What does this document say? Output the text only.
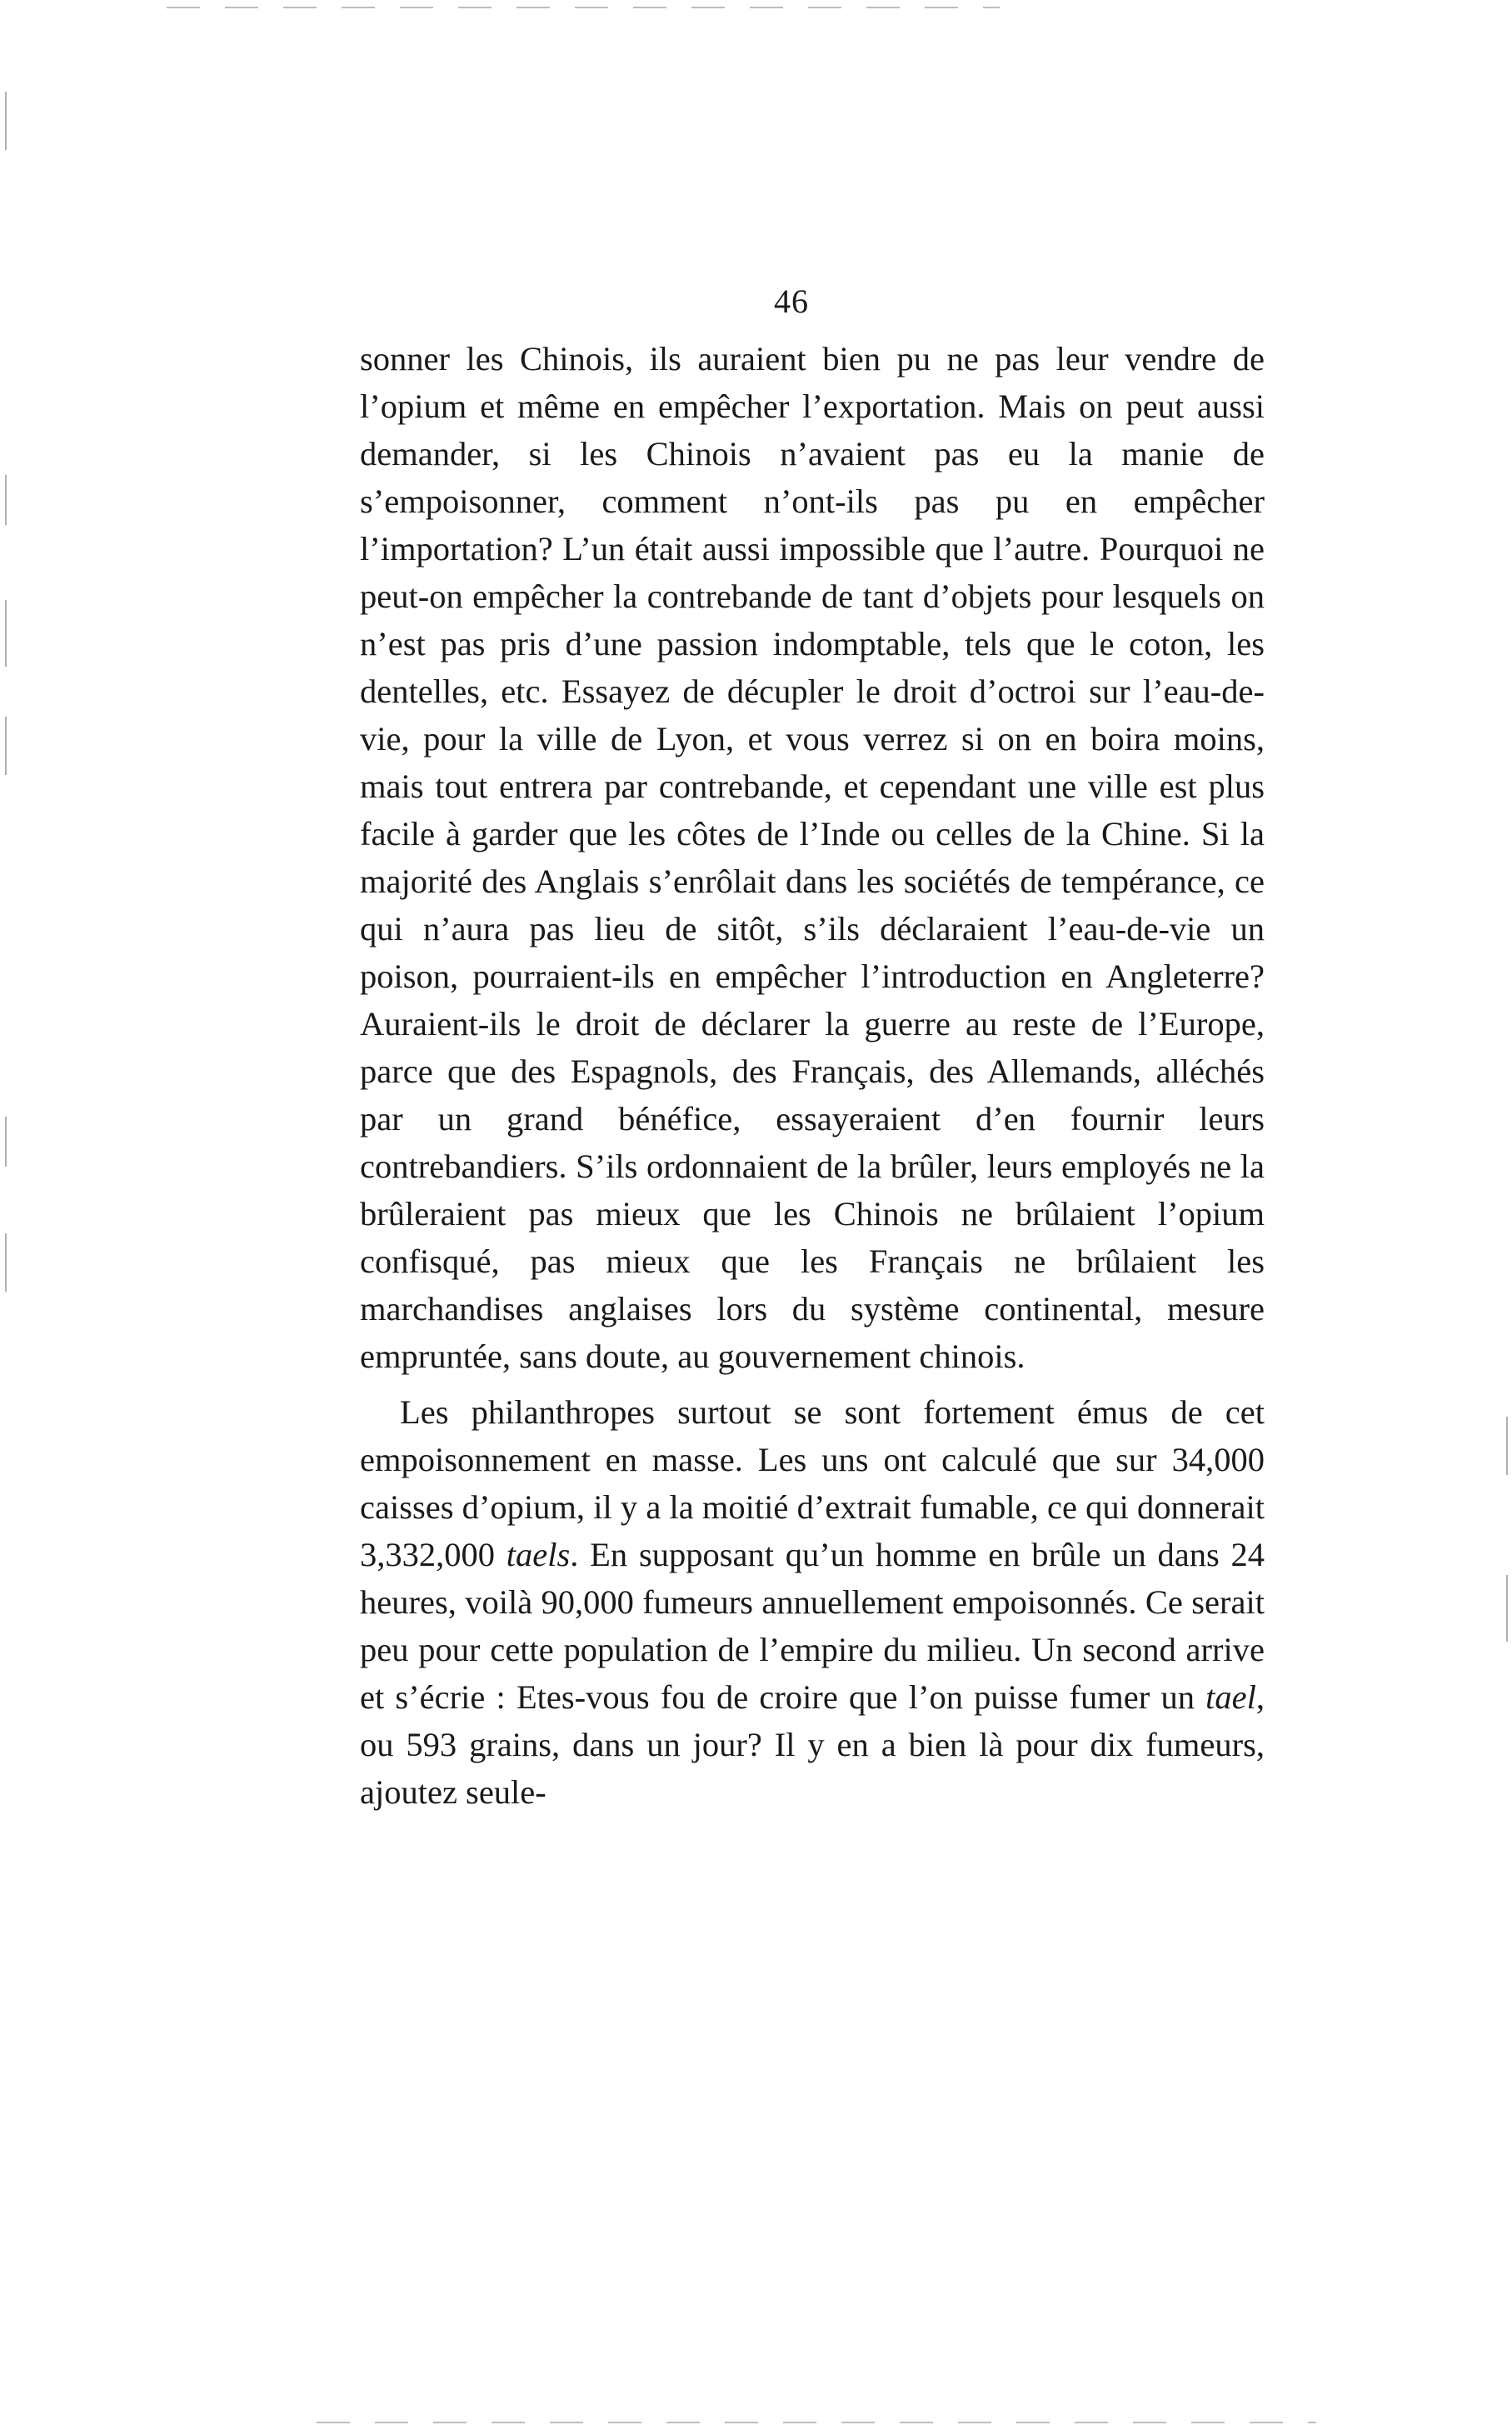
46

sonner les Chinois, ils auraient bien pu ne pas leur vendre de l’opium et même en empêcher l’exportation. Mais on peut aussi demander, si les Chinois n’avaient pas eu la manie de s’empoisonner, comment n’ont-ils pas pu en empêcher l’importation? L’un était aussi impossible que l’autre. Pourquoi ne peut-on empêcher la contrebande de tant d’objets pour lesquels on n’est pas pris d’une passion indomptable, tels que le coton, les dentelles, etc. Essayez de décupler le droit d’octroi sur l’eau-de-vie, pour la ville de Lyon, et vous verrez si on en boira moins, mais tout entrera par contrebande, et cependant une ville est plus facile à garder que les côtes de l’Inde ou celles de la Chine. Si la majorité des Anglais s’enrôlait dans les sociétés de tempérance, ce qui n’aura pas lieu de sitôt, s’ils déclaraient l’eau-de-vie un poison, pourraient-ils en empêcher l’introduction en Angleterre? Auraient-ils le droit de déclarer la guerre au reste de l’Europe, parce que des Espagnols, des Français, des Allemands, alléchés par un grand bénéfice, essayeraient d’en fournir leurs contrebandiers. S’ils ordonnaient de la brûler, leurs employés ne la brûleraient pas mieux que les Chinois ne brûlaient l’opium confisqué, pas mieux que les Français ne brûlaient les marchandises anglaises lors du système continental, mesure empruntée, sans doute, au gouvernement chinois.

Les philanthropes surtout se sont fortement émus de cet empoisonnement en masse. Les uns ont calculé que sur 34,000 caisses d’opium, il y a la moitié d’extrait fumable, ce qui donnerait 3,332,000 taels. En supposant qu’un homme en brûle un dans 24 heures, voilà 90,000 fumeurs annuellement empoisonnés. Ce serait peu pour cette population de l’empire du milieu. Un second arrive et s’écrie : Etes-vous fou de croire que l’on puisse fumer un tael, ou 593 grains, dans un jour? Il y en a bien là pour dix fumeurs, ajoutez seule-
